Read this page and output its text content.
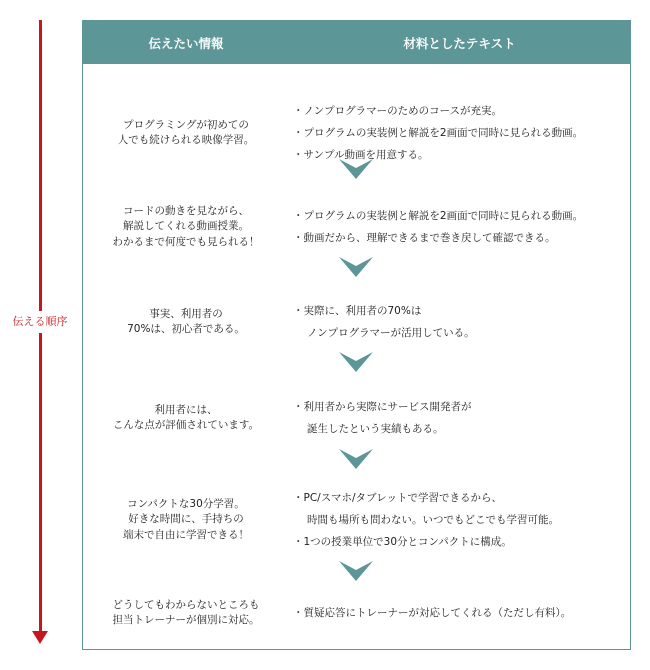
伝える順序
伝えたい情報	材料としたテキスト
プログラミングが初めての
人でも続けられる映像学習。
・ノンプログラマーのためのコースが充実。
・プログラムの実装例と解説を2画面で同時に見られる動画。
・サンプル動画を用意する。
コードの動きを見ながら、
解説してくれる動画授業。
わかるまで何度でも見られる！
・プログラムの実装例と解説を2画面で同時に見られる動画。
・動画だから、理解できるまで巻き戻して確認できる。
事実、利用者の
70%は、初心者である。
・実際に、利用者の70%は
ノンプログラマーが活用している。
利用者には、
こんな点が評価されています。
・利用者から実際にサービス開発者が
誕生したという実績もある。
コンパクトな30分学習。
好きな時間に、手持ちの
端末で自由に学習できる！
・PC/スマホ/タブレットで学習できるから、
時間も場所も問わない。いつでもどこでも学習可能。
・1つの授業単位で30分とコンパクトに構成。
どうしてもわからないところも
担当トレーナーが個別に対応。
・質疑応答にトレーナーが対応してくれる（ただし有料）。
